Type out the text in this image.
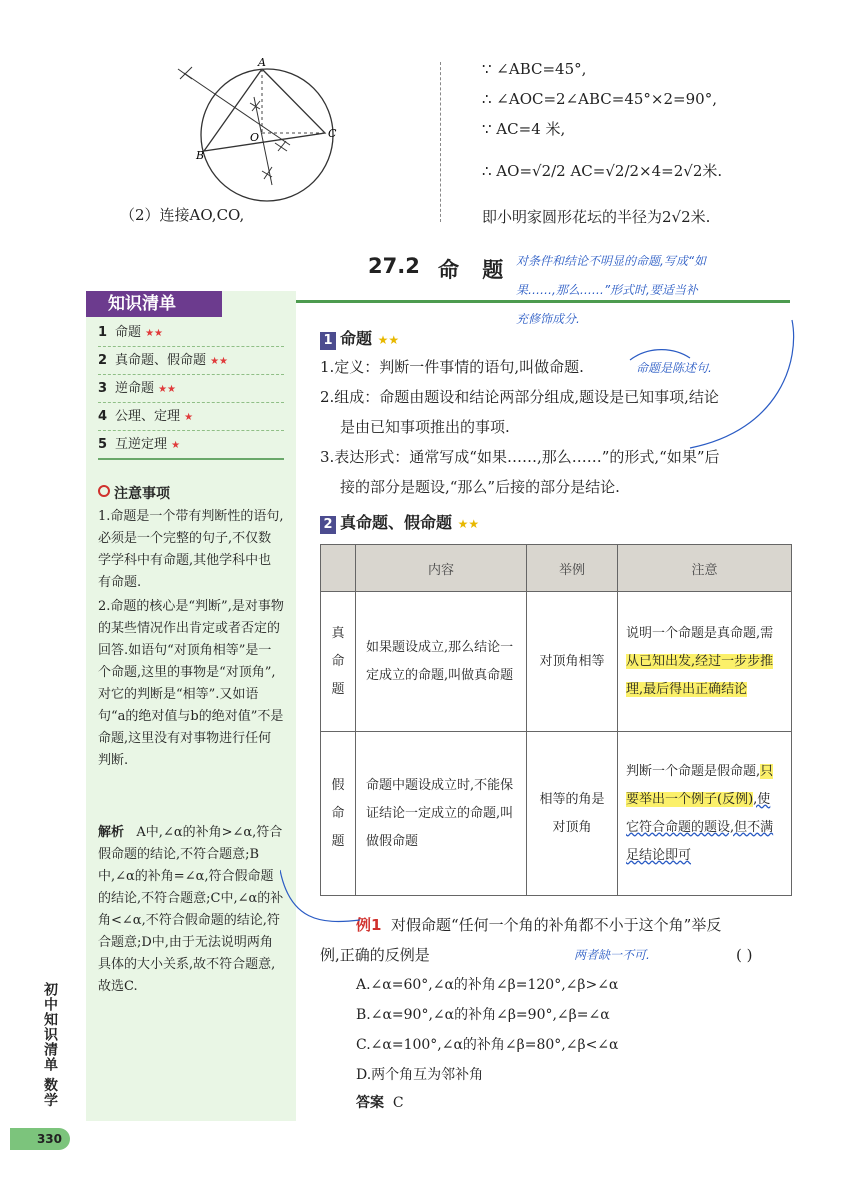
A
B
C
O
（2）连接AO,CO,
∵ ∠ABC=45°,
∴ ∠AOC=2∠ABC=45°×2=90°,
∵ AC=4 米,
∴ AO=√2/2 AC=√2/2×4=2√2米.
即小明家圆形花坛的半径为2√2米.
27.2 命 题 对条件和结论不明显的命题,写成“如
果……,那么……”形式时,要适当补
充修饰成分.
知识清单
1 命题 ★★
2 真命题、假命题 ★★
3 逆命题 ★★
4 公理、定理 ★
5 互逆定理 ★
注意事项
1.命题是一个带有判断性的语句,必须是一个完整的句子,不仅数学学科中有命题,其他学科中也有命题.
2.命题的核心是“判断”,是对事物的某些情况作出肯定或者否定的回答.如语句“对顶角相等”是一个命题,这里的事物是“对顶角”,对它的判断是“相等”.又如语句“a的绝对值与b的绝对值”不是命题,这里没有对事物进行任何判断.
解析 A中,∠α的补角>∠α,符合假命题的结论,不符合题意;B中,∠α的补角=∠α,符合假命题的结论,不符合题意;C中,∠α的补角<∠α,不符合假命题的结论,符合题意;D中,由于无法说明两角具体的大小关系,故不符合题意,故选C.
1 命题 ★★
1.定义：判断一件事情的语句,叫做命题.	命题是陈述句.
2.组成：命题由题设和结论两部分组成,题设是已知事项,结论
是由已知事项推出的事项.
3.表达形式：通常写成“如果……,那么……”的形式,“如果”后
接的部分是题设,“那么”后接的部分是结论.
2 真命题、假命题 ★★
	内容	举例	注意
真命题	如果题设成立,那么结论一定成立的命题,叫做真命题	对顶角相等	说明一个命题是真命题,需从已知出发,经过一步步推理,最后得出正确结论
假命题	命题中题设成立时,不能保证结论一定成立的命题,叫做假命题	相等的角是对顶角	判断一个命题是假命题,只要举出一个例子(反例),使它符合命题的题设,但不满足结论即可
例1 对假命题“任何一个角的补角都不小于这个角”举反
例,正确的反例是	两者缺一不可.	( )
A.∠α=60°,∠α的补角∠β=120°,∠β>∠α
B.∠α=90°,∠α的补角∠β=90°,∠β=∠α
C.∠α=100°,∠α的补角∠β=80°,∠β<∠α
D.两个角互为邻补角
答案 C
初中知识清单 数学
330
